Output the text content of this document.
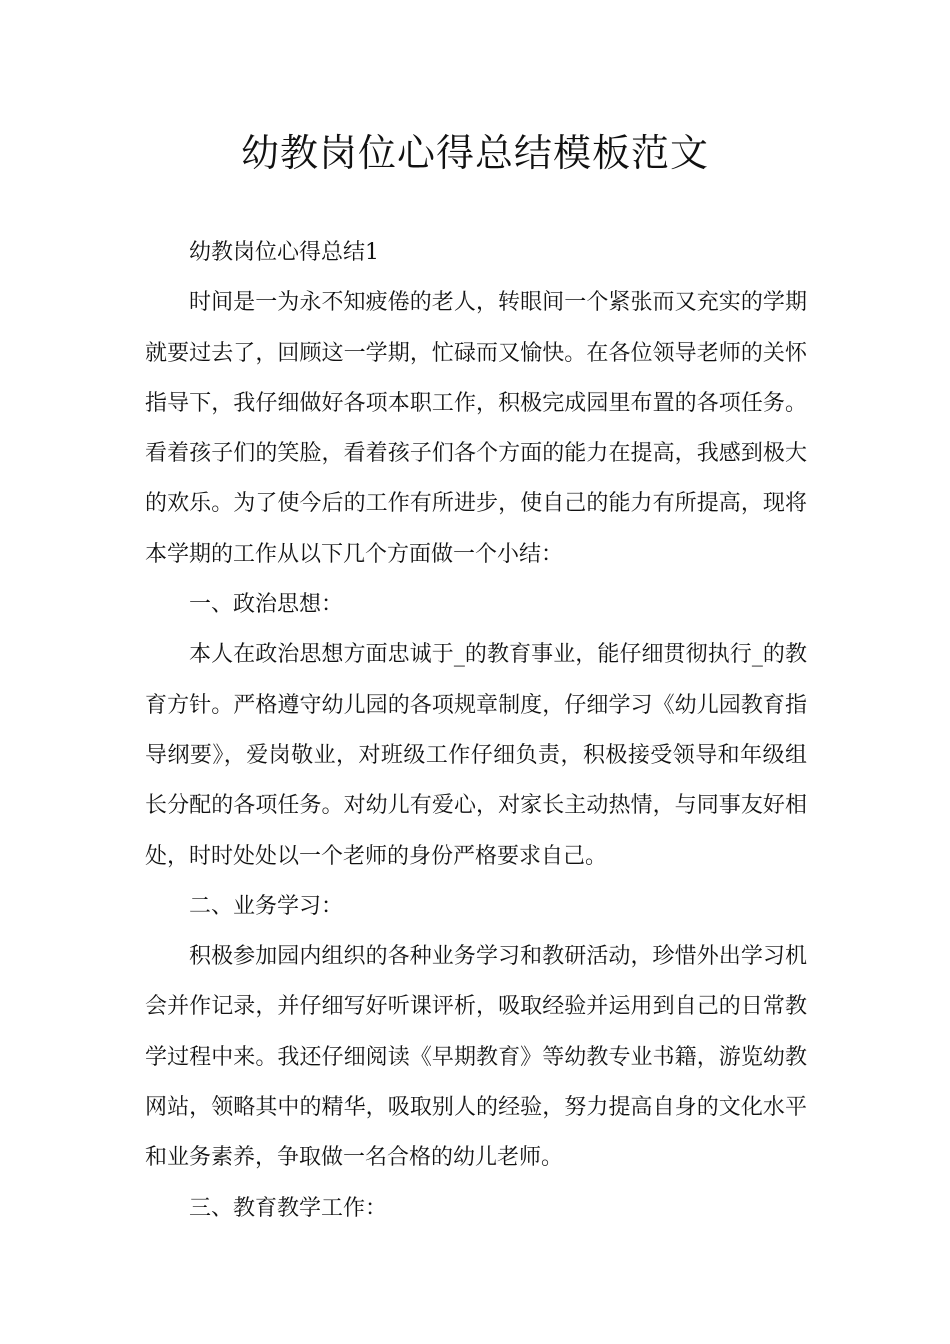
幼教岗位心得总结模板范文

幼教岗位心得总结1

时间是一为永不知疲倦的老人，转眼间一个紧张而又充实的学期就要过去了，回顾这一学期，忙碌而又愉快。在各位领导老师的关怀指导下，我仔细做好各项本职工作，积极完成园里布置的各项任务。看着孩子们的笑脸，看着孩子们各个方面的能力在提高，我感到极大的欢乐。为了使今后的工作有所进步，使自己的能力有所提高，现将本学期的工作从以下几个方面做一个小结：

一、政治思想：

本人在政治思想方面忠诚于_的教育事业，能仔细贯彻执行_的教育方针。严格遵守幼儿园的各项规章制度，仔细学习《幼儿园教育指导纲要》，爱岗敬业，对班级工作仔细负责，积极接受领导和年级组长分配的各项任务。对幼儿有爱心，对家长主动热情，与同事友好相处，时时处处以一个老师的身份严格要求自己。

二、业务学习：

积极参加园内组织的各种业务学习和教研活动，珍惜外出学习机会并作记录，并仔细写好听课评析，吸取经验并运用到自己的日常教学过程中来。我还仔细阅读《早期教育》等幼教专业书籍，游览幼教网站，领略其中的精华，吸取别人的经验，努力提高自身的文化水平和业务素养，争取做一名合格的幼儿老师。

三、教育教学工作：
